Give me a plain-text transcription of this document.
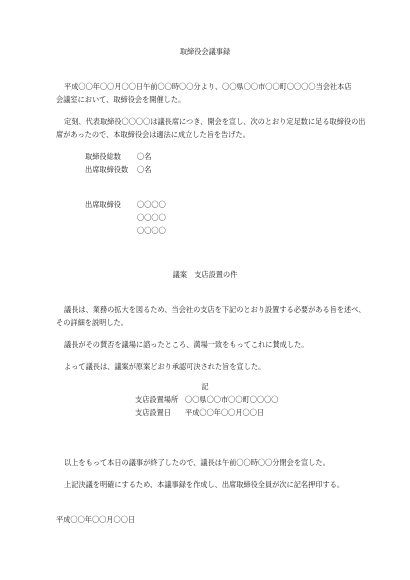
取締役会議事録
平成〇〇年〇〇月〇〇日午前〇〇時〇〇分より、〇〇県〇〇市〇〇町〇〇〇〇当会社本店
会議室において、取締役会を開催した。
定刻、代表取締役〇〇〇〇は議長席につき、開会を宣し、次のとおり定足数に足る取締役の出
席があったので、本取締役会は適法に成立した旨を告げた。
取締役総数 〇名
出席取締役数 〇名
出席取締役 〇〇〇〇
〇〇〇〇
〇〇〇〇
議案　支店設置の件
議長は、業務の拡大を図るため、当会社の支店を下記のとおり設置する必要がある旨を述べ、
その詳細を説明した。
議長がその賛否を議場に諮ったところ、満場一致をもってこれに賛成した。
よって議長は、議案が原案どおり承認可決された旨を宣した。
記
支店設置場所 〇〇県〇〇市〇〇町〇〇〇〇
支店設置日 平成〇〇年〇〇月〇〇日
以上をもって本日の議事が終了したので、議長は午前〇〇時〇〇分閉会を宣した。
上記決議を明確にするため、本議事録を作成し、出席取締役全員が次に記名押印する。
平成〇〇年〇〇月〇〇日
